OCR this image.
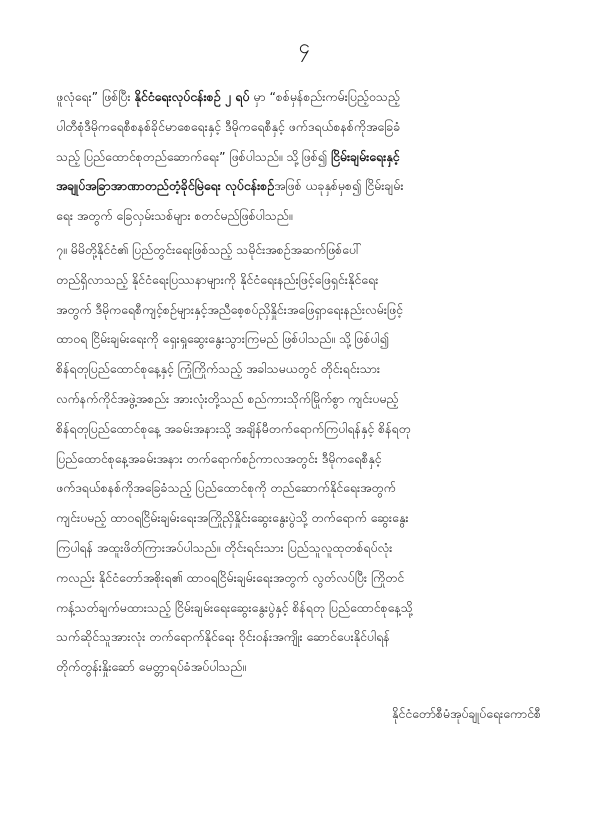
၄
ဖူလုံရေး” ဖြစ်ပြီး နိုင်ငံရေးလုပ်ငန်းစဉ် ၂ ရပ် မှာ “စစ်မှန်စည်းကမ်းပြည့်ဝသည့်
ပါတီစုံဒီမိုကရေစီစနစ်ခိုင်မာစေရေးနှင့် ဒီမိုကရေစီနှင့် ဖက်ဒရယ်စနစ်ကိုအခြေခံ
သည့် ပြည်ထောင်စုတည်ဆောက်ရေး” ဖြစ်ပါသည်။ သို့ဖြစ်၍ ငြိမ်းချမ်းရေးနှင့်
အချုပ်အခြာအာဏာတည်တံ့ခိုင်မြဲရေး လုပ်ငန်းစဉ်အဖြစ် ယခုနှစ်မှစ၍ ငြိမ်းချမ်း
ရေး အတွက် ခြေလှမ်းသစ်များ စတင်မည်ဖြစ်ပါသည်။
၇။ မိမိတို့နိုင်ငံ၏ ပြည်တွင်းရေးဖြစ်သည့် သမိုင်းအစဉ်အဆက်ဖြစ်ပေါ်
တည်ရှိလာသည့် နိုင်ငံရေးပြဿနာများကို နိုင်ငံရေးနည်းဖြင့်ဖြေရှင်းနိုင်ရေး
အတွက် ဒီမိုကရေစီကျင့်စဉ်များနှင့်အညီစေ့စပ်ညှိနှိုင်းအဖြေရှာရေးနည်းလမ်းဖြင့်
ထာဝရ ငြိမ်းချမ်းရေးကို ရှေးရှုဆွေးနွေးသွားကြမည် ဖြစ်ပါသည်။ သို့ဖြစ်ပါ၍
စိန်ရတုပြည်ထောင်စုနေ့နှင့် ကြုံကြိုက်သည့် အခါသမယတွင် တိုင်းရင်းသား
လက်နက်ကိုင်အဖွဲ့အစည်း အားလုံးတို့သည် စည်ကားသိုက်မြိုက်စွာ ကျင်းပမည့်
စိန်ရတုပြည်ထောင်စုနေ့ အခမ်းအနားသို့ အချိန်မီတက်ရောက်ကြပါရန်နှင့် စိန်ရတု
ပြည်ထောင်စုနေ့အခမ်းအနား တက်ရောက်စဉ်ကာလအတွင်း ဒီမိုကရေစီနှင့်
ဖက်ဒရယ်စနစ်ကိုအခြေခံသည့် ပြည်ထောင်စုကို တည်ဆောက်နိုင်ရေးအတွက်
ကျင်းပမည့် ထာဝရငြိမ်းချမ်းရေးအကြိုညှိနှိုင်းဆွေးနွေးပွဲသို့ တက်ရောက် ဆွေးနွေး
ကြပါရန် အထူးဖိတ်ကြားအပ်ပါသည်။ တိုင်းရင်းသား ပြည်သူလူထုတစ်ရပ်လုံး
ကလည်း နိုင်ငံတော်အစိုးရ၏ ထာဝရငြိမ်းချမ်းရေးအတွက် လွတ်လပ်ပြီး ကြိုတင်
ကန့်သတ်ချက်မထားသည့် ငြိမ်းချမ်းရေးဆွေးနွေးပွဲနှင့် စိန်ရတု ပြည်ထောင်စုနေ့သို့
သက်ဆိုင်သူအားလုံး တက်ရောက်နိုင်ရေး ဝိုင်းဝန်းအကျိုး ဆောင်ပေးနိုင်ပါရန်
တိုက်တွန်းနှိုးဆော် မေတ္တာရပ်ခံအပ်ပါသည်။
နိုင်ငံတော်စီမံအုပ်ချုပ်ရေးကောင်စီ
